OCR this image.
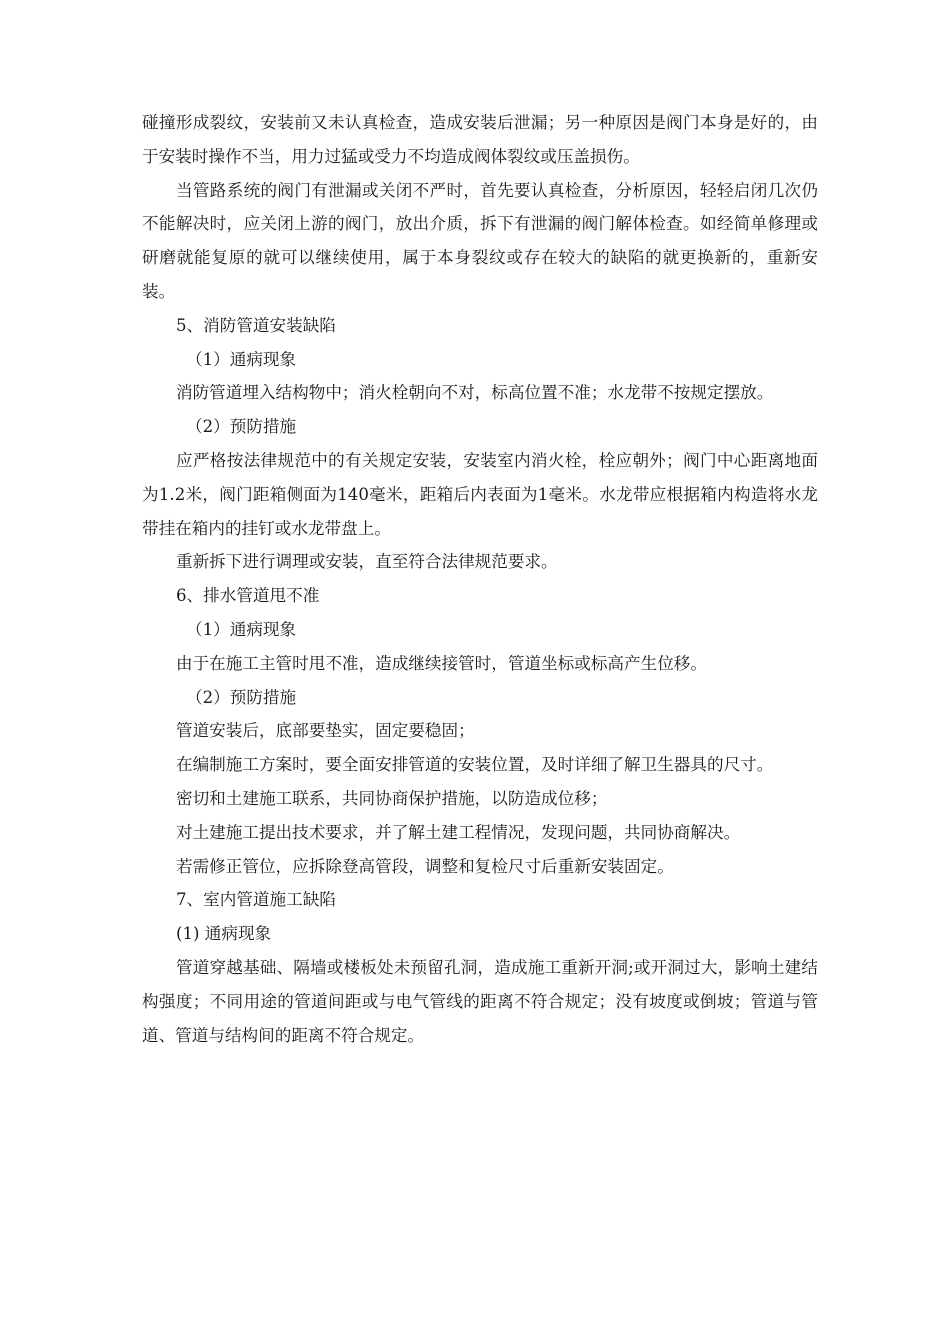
碰撞形成裂纹，安装前又未认真检查，造成安装后泄漏；另一种原因是阀门本身是好的，由于安装时操作不当，用力过猛或受力不均造成阀体裂纹或压盖损伤。

当管路系统的阀门有泄漏或关闭不严时，首先要认真检查，分析原因，轻轻启闭几次仍不能解决时，应关闭上游的阀门，放出介质，拆下有泄漏的阀门解体检查。如经简单修理或研磨就能复原的就可以继续使用，属于本身裂纹或存在较大的缺陷的就更换新的，重新安装。

5、消防管道安装缺陷

（1）通病现象

消防管道埋入结构物中；消火栓朝向不对，标高位置不准；水龙带不按规定摆放。

（2）预防措施

应严格按法律规范中的有关规定安装，安装室内消火栓，栓应朝外；阀门中心距离地面为1.2米，阀门距箱侧面为140毫米，距箱后内表面为1毫米。水龙带应根据箱内构造将水龙带挂在箱内的挂钉或水龙带盘上。

重新拆下进行调理或安装，直至符合法律规范要求。

6、排水管道甩不准

（1）通病现象

由于在施工主管时甩不准，造成继续接管时，管道坐标或标高产生位移。

（2）预防措施

管道安装后，底部要垫实，固定要稳固；

在编制施工方案时，要全面安排管道的安装位置，及时详细了解卫生器具的尺寸。

密切和土建施工联系，共同协商保护措施，以防造成位移；

对土建施工提出技术要求，并了解土建工程情况，发现问题，共同协商解决。

若需修正管位，应拆除登高管段，调整和复检尺寸后重新安装固定。

7、室内管道施工缺陷

(1) 通病现象

管道穿越基础、隔墙或楼板处未预留孔洞，造成施工重新开洞;或开洞过大，影响土建结构强度；不同用途的管道间距或与电气管线的距离不符合规定；没有坡度或倒坡；管道与管道、管道与结构间的距离不符合规定。
